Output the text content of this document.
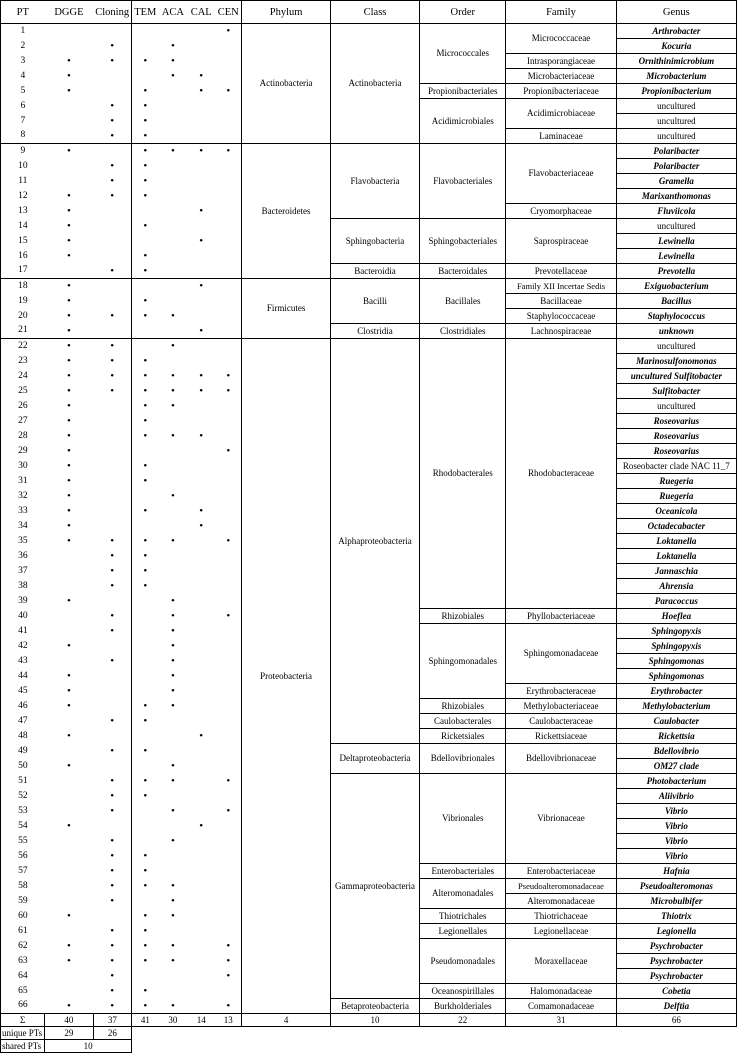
PT	DGGE	Cloning	TEM	ACA	CAL	CEN	Phylum	Class	Order	Family	Genus
1						•	Actinobacteria	Actinobacteria	Micrococcales	Micrococcaceae	Arthrobacter
2		•		•							Kocuria
3	•	•	•	•						Intrasporangiaceae	Ornithinimicrobium
4	•			•	•					Microbacteriaceae	Microbacterium
5	•		•		•	•			Propionibacteriales	Propionibacteriaceae	Propionibacterium
6		•	•						Acidimicrobiales	Acidimicrobiaceae	uncultured
7		•	•								uncultured
8		•	•							Laminaceae	uncultured
9	•		•	•	•	•	Bacteroidetes	Flavobacteria	Flavobacteriales	Flavobacteriaceae	Polaribacter
10		•	•								Polaribacter
11		•	•								Gramella
12	•	•	•								Marixanthomonas
13	•				•					Cryomorphaceae	Fluviicola
14	•		•					Sphingobacteria	Sphingobacteriales	Saprospiraceae	uncultured
15	•				•						Lewinella
16	•		•								Lewinella
17		•	•					Bacteroidia	Bacteroidales	Prevotellaceae	Prevotella
18	•				•		Firmicutes	Bacilli	Bacillales	Family XII Incertae Sedis	Exiguobacterium
19	•		•							Bacillaceae	Bacillus
20	•	•	•	•						Staphylococcaceae	Staphylococcus
21	•				•			Clostridia	Clostridiales	Lachnospiraceae	unknown
22	•	•		•			Proteobacteria	Alphaproteobacteria	Rhodobacterales	Rhodobacteraceae	uncultured
23	•	•	•								Marinosulfonomonas
24	•	•	•	•	•	•					uncultured Sulfitobacter
25	•	•	•	•	•	•					Sulfitobacter
26	•		•	•							uncultured
27	•		•								Roseovarius
28	•		•	•	•						Roseovarius
29	•					•					Roseovarius
30	•		•								Roseobacter clade NAC 11_7
31	•		•								Ruegeria
32	•			•							Ruegeria
33	•		•		•						Oceanicola
34	•				•						Octadecabacter
35	•	•	•	•		•					Loktanella
36		•	•								Loktanella
37		•	•								Jannaschia
38		•	•								Ahrensia
39	•			•							Paracoccus
40		•		•		•			Rhizobiales	Phyllobacteriaceae	Hoeflea
41		•		•					Sphingomonadales	Sphingomonadaceae	Sphingopyxis
42	•			•							Sphingopyxis
43		•		•							Sphingomonas
44	•			•							Sphingomonas
45	•			•						Erythrobacteraceae	Erythrobacter
46	•		•	•					Rhizobiales	Methylobacteriaceae	Methylobacterium
47		•	•						Caulobacterales	Caulobacteraceae	Caulobacter
48	•				•				Ricketsiales	Rickettsiaceae	Rickettsia
49		•	•					Deltaproteobacteria	Bdellovibrionales	Bdellovibrionaceae	Bdellovibrio
50	•			•							OM27 clade
51		•	•	•		•		Gammaproteobacteria	Vibrionales	Vibrionaceae	Photobacterium
52		•	•								Aliivibrio
53		•		•		•					Vibrio
54	•				•						Vibrio
55		•		•							Vibrio
56		•	•								Vibrio
57		•	•						Enterobacteriales	Enterobacteriaceae	Hafnia
58		•	•	•					Alteromonadales	Pseudoalteromonadaceae	Pseudoalteromonas
59		•		•						Alteromonadaceae	Microbulbifer
60	•		•	•					Thiotrichales	Thiotrichaceae	Thiotrix
61		•	•						Legionellales	Legionellaceae	Legionella
62	•	•	•	•		•			Pseudomonadales	Moraxellaceae	Psychrobacter
63	•	•	•	•		•					Psychrobacter
64		•				•					Psychrobacter
65		•	•						Oceanospirillales	Halomonadaceae	Cobetia
66	•	•	•	•		•		Betaproteobacteria	Burkholderiales	Comamonadaceae	Delftia
Σ	40	37	41	30	14	13	4	10	22	31	66
unique PTs	29	26									
shared PTs	10										
